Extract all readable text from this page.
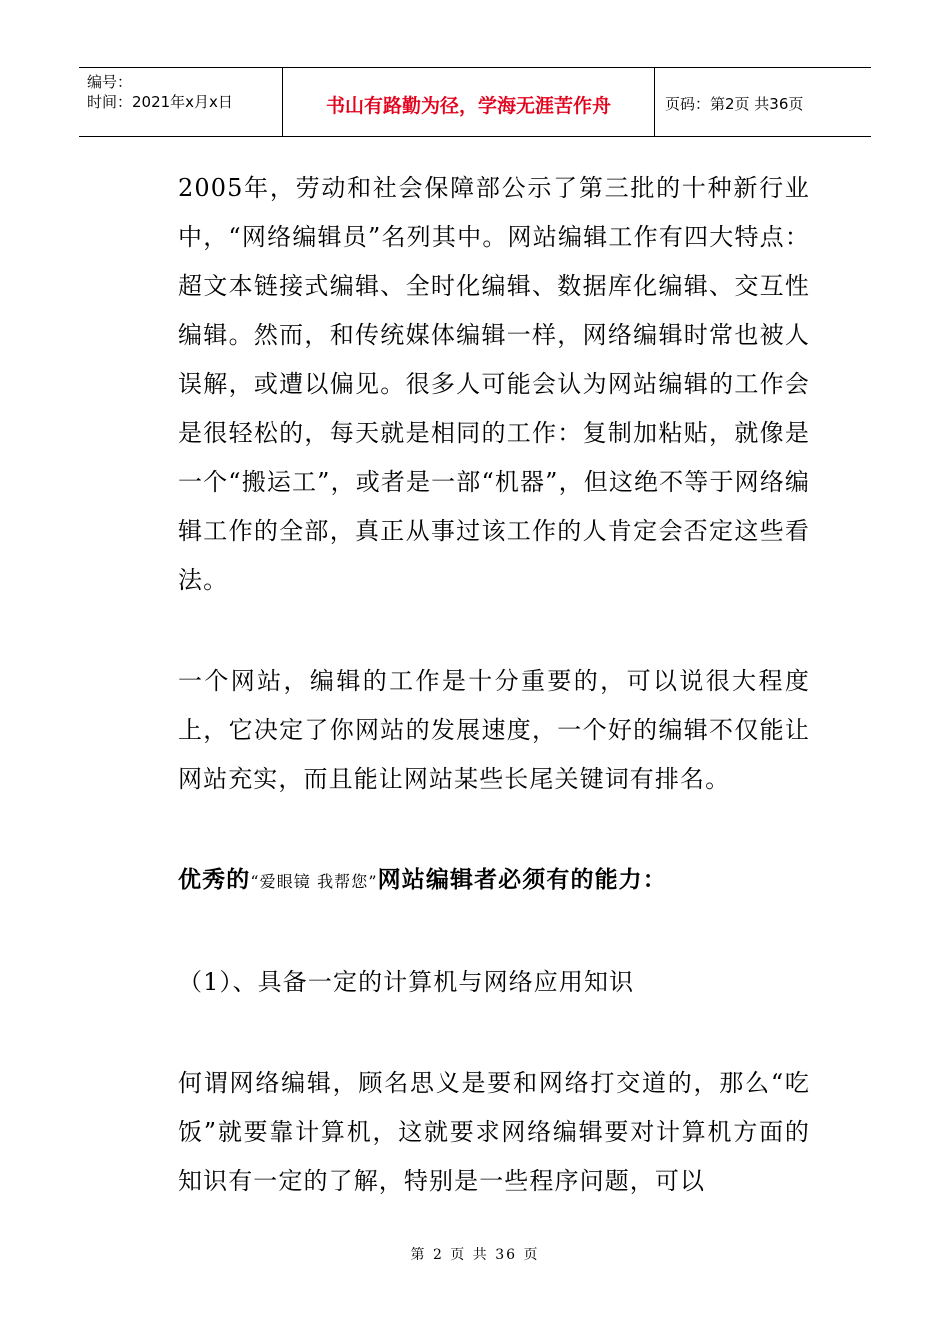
编号：
时间：2021年x月x日	书山有路勤为径，学海无涯苦作舟	页码：第2页 共36页

2005年，劳动和社会保障部公示了第三批的十种新行业中，“网络编辑员”名列其中。网站编辑工作有四大特点：超文本链接式编辑、全时化编辑、数据库化编辑、交互性编辑。然而，和传统媒体编辑一样，网络编辑时常也被人误解，或遭以偏见。很多人可能会认为网站编辑的工作会是很轻松的，每天就是相同的工作：复制加粘贴，就像是一个“搬运工”，或者是一部“机器”，但这绝不等于网络编辑工作的全部，真正从事过该工作的人肯定会否定这些看法。

一个网站，编辑的工作是十分重要的，可以说很大程度上，它决定了你网站的发展速度，一个好的编辑不仅能让网站充实，而且能让网站某些长尾关键词有排名。

优秀的“爱眼镜 我帮您”网站编辑者必须有的能力：

（1）、具备一定的计算机与网络应用知识

何谓网络编辑，顾名思义是要和网络打交道的，那么“吃饭”就要靠计算机，这就要求网络编辑要对计算机方面的知识有一定的了解，特别是一些程序问题，可以

第 2 页 共 36 页
